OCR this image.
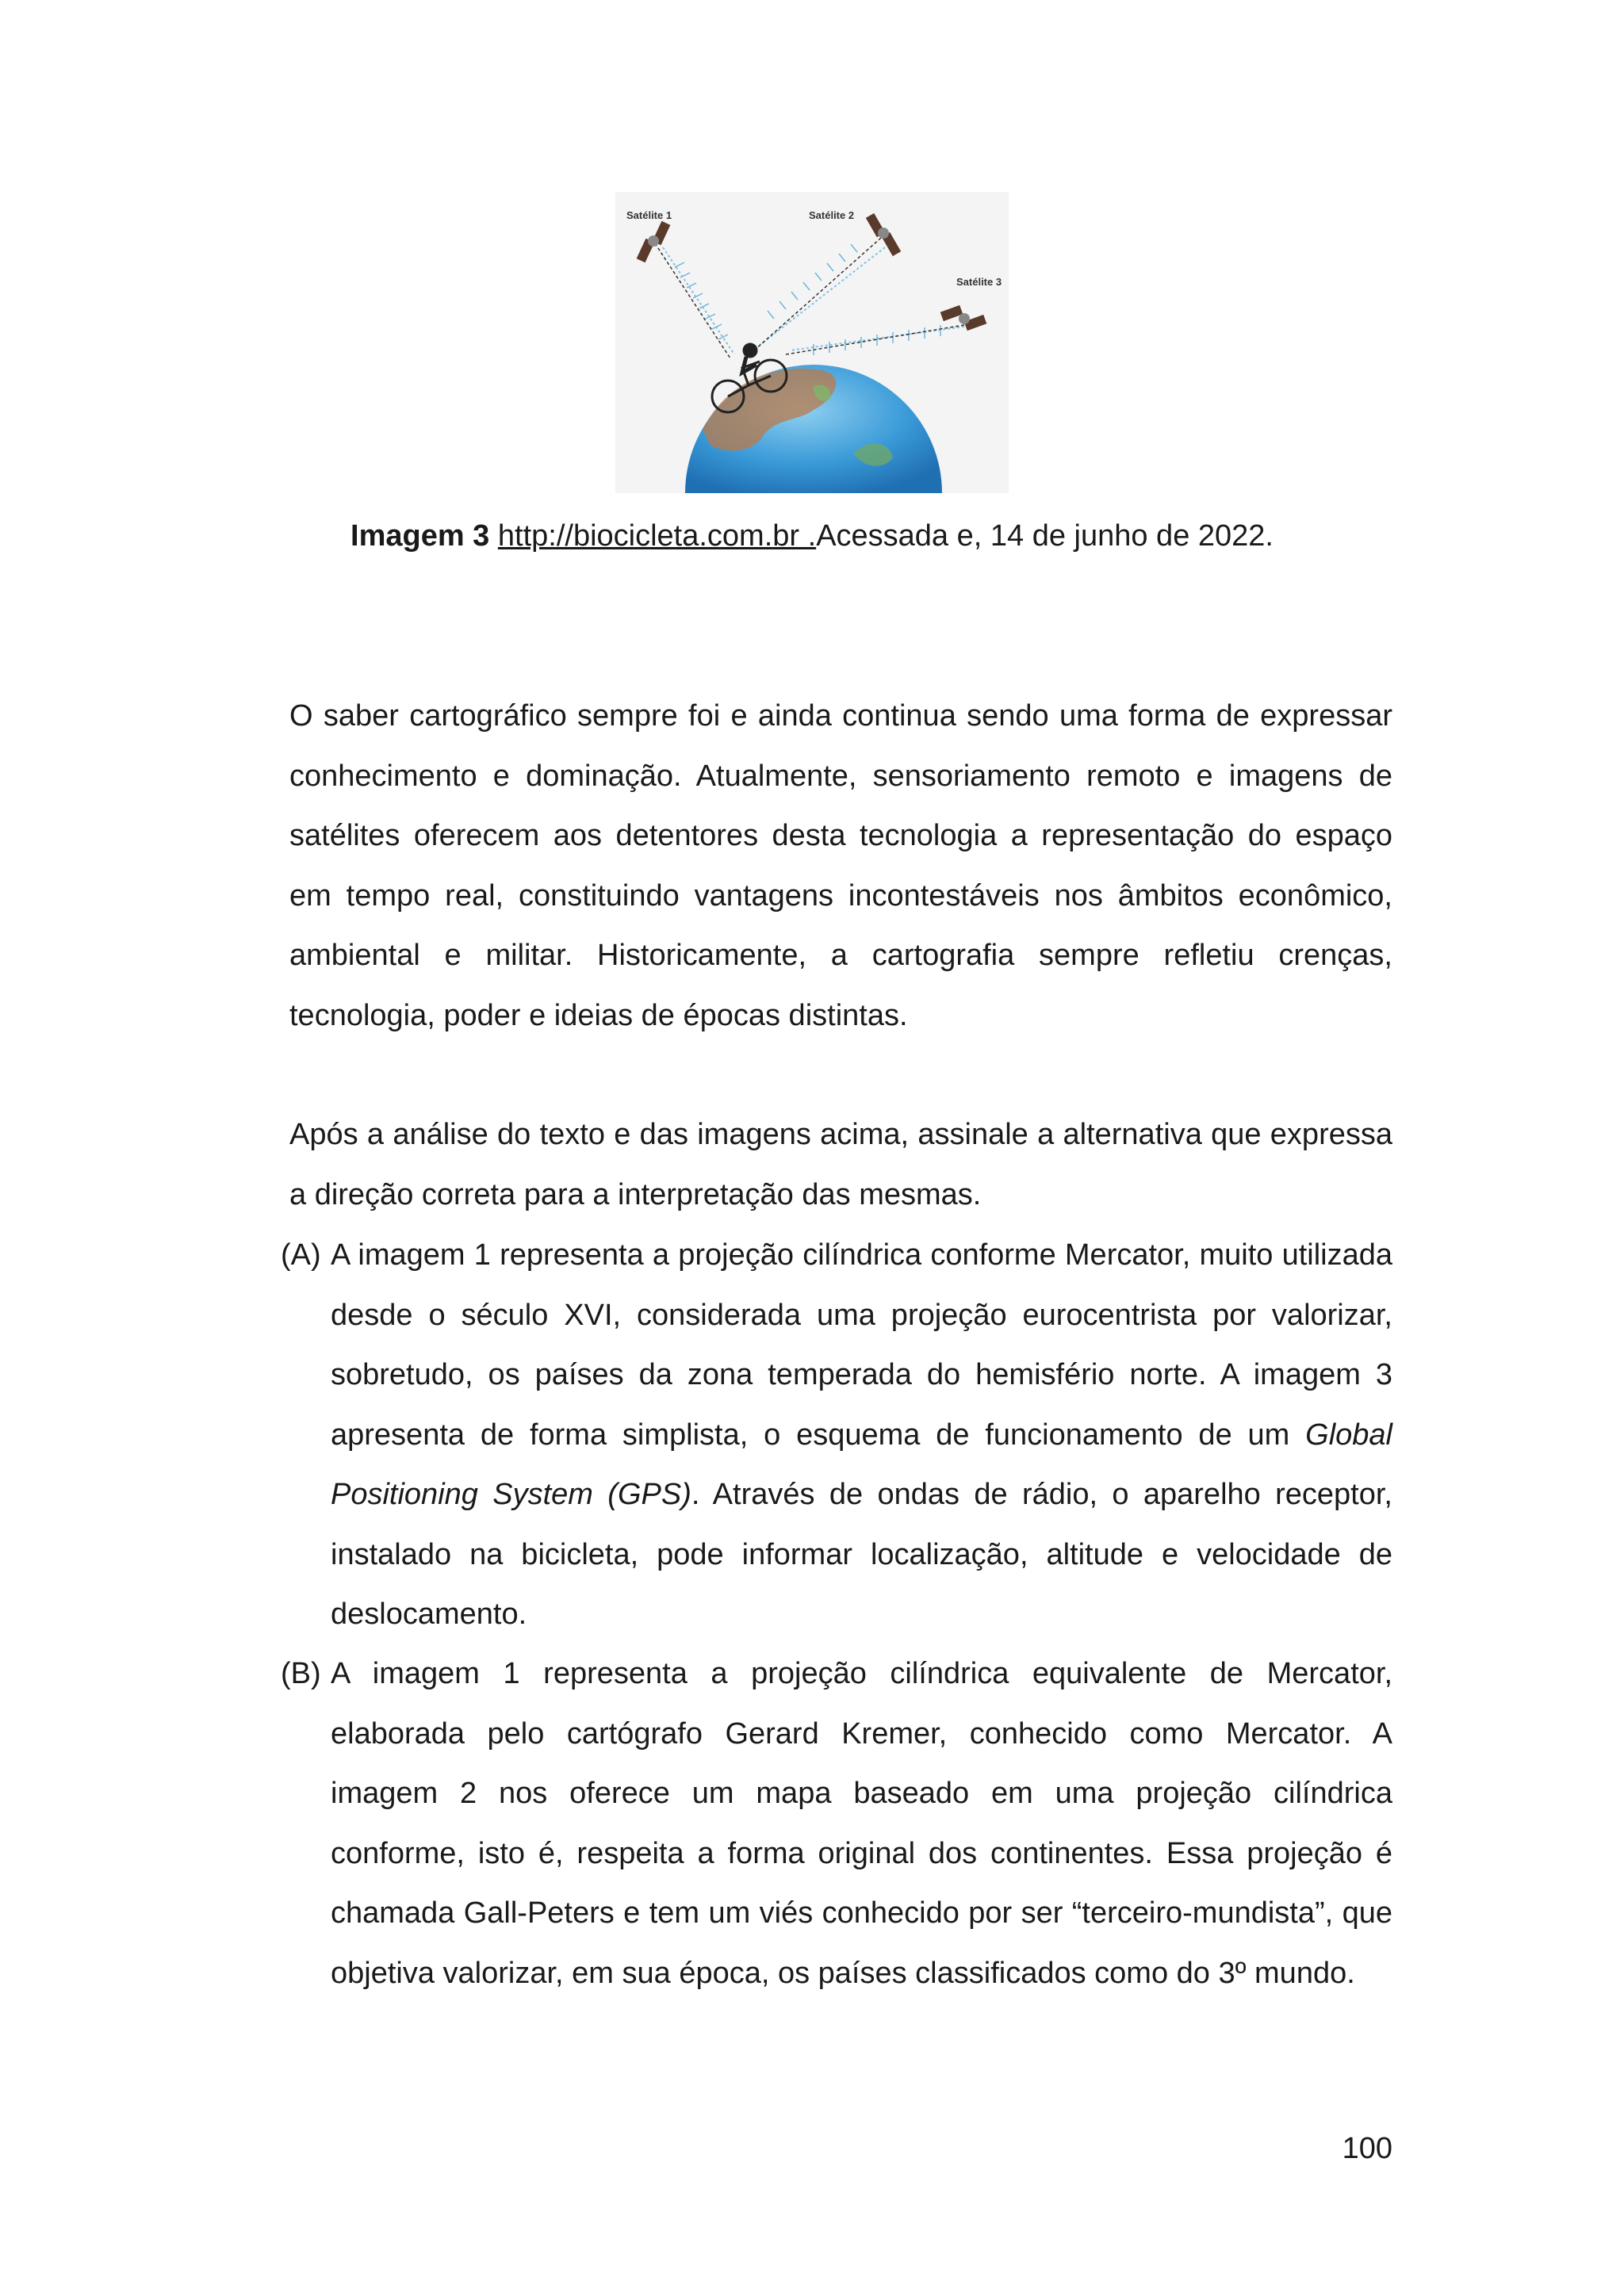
Satélite 1	Satélite 2
Satélite 3
Imagem 3 http://biocicleta.com.br .Acessada e, 14 de junho de 2022.

O saber cartográfico sempre foi e ainda continua sendo uma forma de expressar conhecimento e dominação. Atualmente, sensoriamento remoto e imagens de satélites oferecem aos detentores desta tecnologia a representação do espaço em tempo real, constituindo vantagens incontestáveis nos âmbitos econômico, ambiental e militar. Historicamente, a cartografia sempre refletiu crenças, tecnologia, poder e ideias de épocas distintas.

Após a análise do texto e das imagens acima, assinale a alternativa que expressa a direção correta para a interpretação das mesmas.

(A) A imagem 1 representa a projeção cilíndrica conforme Mercator, muito utilizada desde o século XVI, considerada uma projeção eurocentrista por valorizar, sobretudo, os países da zona temperada do hemisfério norte. A imagem 3 apresenta de forma simplista, o esquema de funcionamento de um Global Positioning System (GPS). Através de ondas de rádio, o aparelho receptor, instalado na bicicleta, pode informar localização, altitude e velocidade de deslocamento.
(B) A imagem 1 representa a projeção cilíndrica equivalente de Mercator, elaborada pelo cartógrafo Gerard Kremer, conhecido como Mercator. A imagem 2 nos oferece um mapa baseado em uma projeção cilíndrica conforme, isto é, respeita a forma original dos continentes. Essa projeção é chamada Gall-Peters e tem um viés conhecido por ser “terceiro-mundista”, que objetiva valorizar, em sua época, os países classificados como do 3º mundo.
100
